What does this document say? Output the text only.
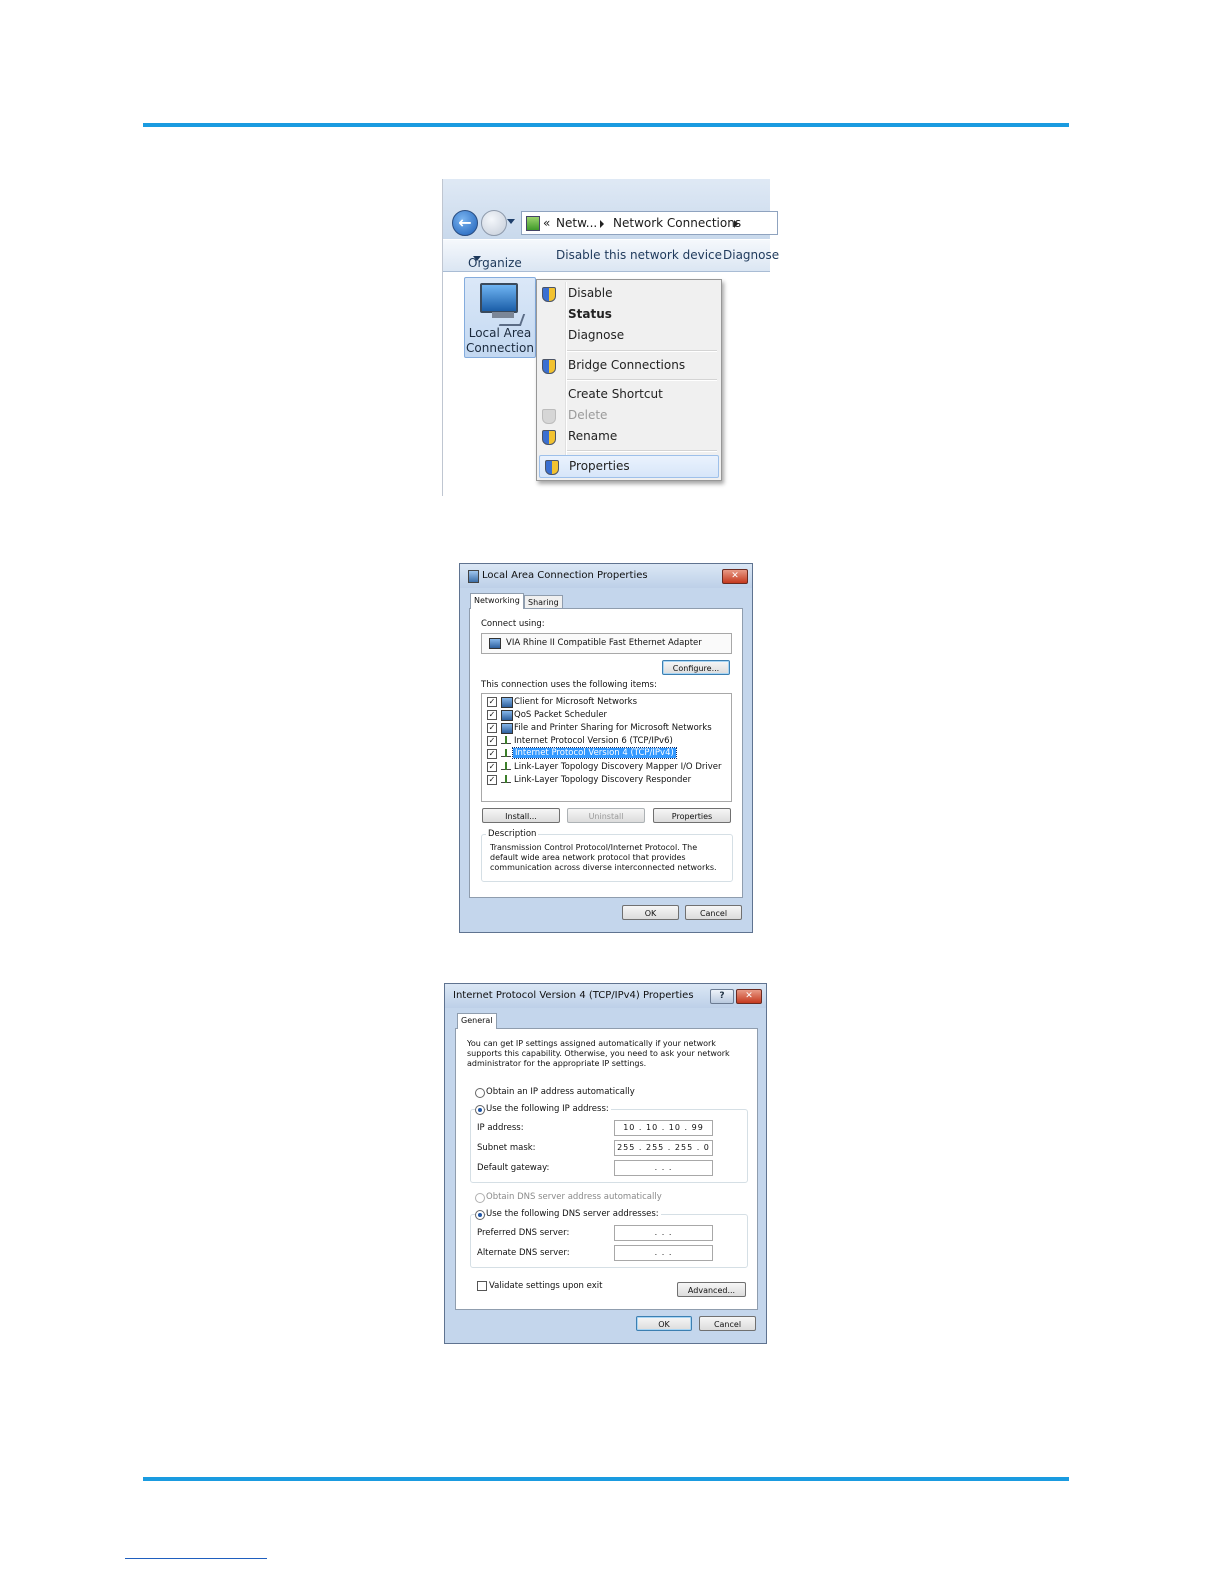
←	« Netw... Network Connections
Organize
Disable this network device Diagnose
Local Area Connection
Disable
Status
Diagnose
Bridge Connections
Create Shortcut
Delete
Rename
Properties
Local Area Connection Properties	✕
Networking	Sharing
Connect using:
VIA Rhine II Compatible Fast Ethernet Adapter
Configure...
This connection uses the following items:
✓ Client for Microsoft Networks
✓ QoS Packet Scheduler
✓ File and Printer Sharing for Microsoft Networks
✓ Internet Protocol Version 6 (TCP/IPv6)
✓ Internet Protocol Version 4 (TCP/IPv4)
✓ Link-Layer Topology Discovery Mapper I/O Driver
✓ Link-Layer Topology Discovery Responder
Install...	Uninstall	Properties
Description
Transmission Control Protocol/Internet Protocol. The default wide area network protocol that provides communication across diverse interconnected networks.
OK	Cancel
Internet Protocol Version 4 (TCP/IPv4) Properties	?	✕
General
You can get IP settings assigned automatically if your network supports this capability. Otherwise, you need to ask your network administrator for the appropriate IP settings.
Obtain an IP address automatically
Use the following IP address:
IP address:	10 . 10 . 10 . 99
Subnet mask:	255 . 255 . 255 . 0
Default gateway:	. . .
Obtain DNS server address automatically
Use the following DNS server addresses:
Preferred DNS server:	. . .
Alternate DNS server:	. . .
Validate settings upon exit	Advanced...
OK	Cancel
